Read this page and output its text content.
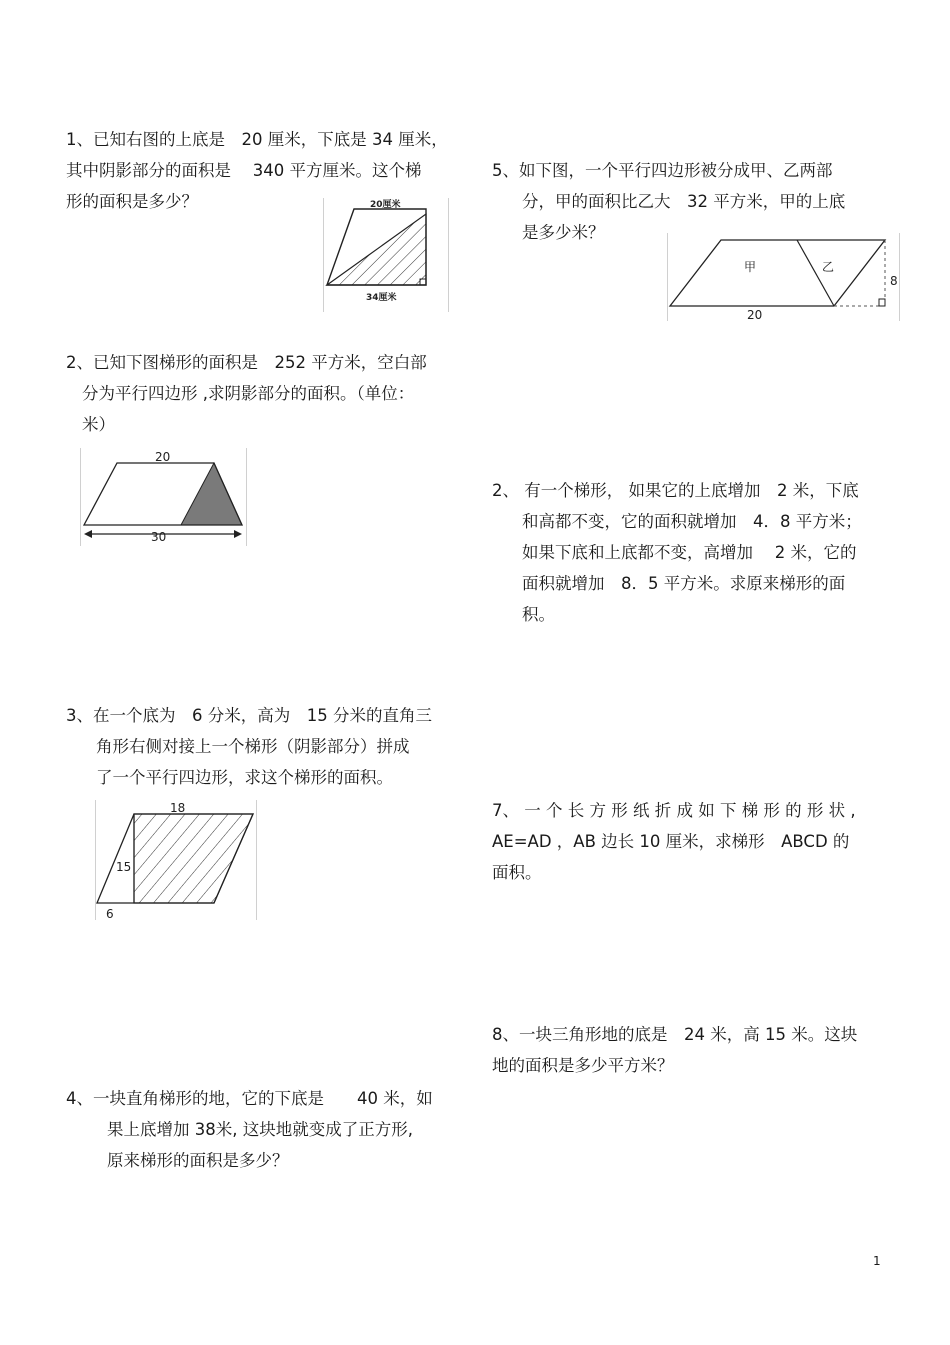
1、已知右图的上底是　20 厘米，下底是 34 厘米，

其中阴影部分的面积是　 340 平方厘米。这个梯

形的面积是多少？	20厘米
34厘米

2、已知下图梯形的面积是　252 平方米，空白部

分为平行四边形 ,求阴影部分的面积。（单位：

米）

20
30

3、在一个底为　6 分米，高为　15 分米的直角三

角形右侧对接上一个梯形（阴影部分）拼成

了一个平行四边形，求这个梯形的面积。

18
15
6

4、一块直角梯形的地，它的下底是　　40 米，如

果上底增加 38米, 这块地就变成了正方形,

原来梯形的面积是多少？

5、如下图，一个平行四边形被分成甲、乙两部

分，甲的面积比乙大　32 平方米，甲的上底

是多少米？

甲	乙
8
20

2、 有一个梯形， 如果它的上底增加　2 米，下底

和高都不变，它的面积就增加　4．8 平方米；

如果下底和上底都不变，高增加　 2 米，它的

面积就增加　8．5 平方米。求原来梯形的面

积。

7、 一 个 长 方 形 纸 折 成 如 下 梯 形 的 形 状 ,

AE=AD ，AB 边长 10 厘米，求梯形　ABCD 的

面积。

8、一块三角形地的底是　24 米，高 15 米。这块

地的面积是多少平方米？

1
